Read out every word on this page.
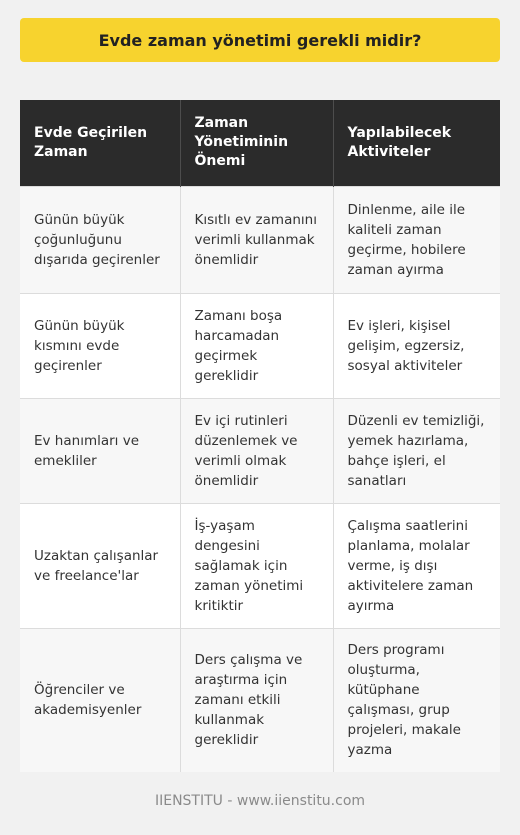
Evde zaman yönetimi gerekli midir?
Evde Geçirilen Zaman	Zaman Yönetiminin Önemi	Yapılabilecek Aktiviteler
Günün büyük çoğunluğunu dışarıda geçirenler	Kısıtlı ev zamanını verimli kullanmak önemlidir	Dinlenme, aile ile kaliteli zaman geçirme, hobilere zaman ayırma
Günün büyük kısmını evde geçirenler	Zamanı boşa harcamadan geçirmek gereklidir	Ev işleri, kişisel gelişim, egzersiz, sosyal aktiviteler
Ev hanımları ve emekliler	Ev içi rutinleri düzenlemek ve verimli olmak önemlidir	Düzenli ev temizliği, yemek hazırlama, bahçe işleri, el sanatları
Uzaktan çalışanlar ve freelance'lar	İş-yaşam dengesini sağlamak için zaman yönetimi kritiktir	Çalışma saatlerini planlama, molalar verme, iş dışı aktivitelere zaman ayırma
Öğrenciler ve akademisyenler	Ders çalışma ve araştırma için zamanı etkili kullanmak gereklidir	Ders programı oluşturma, kütüphane çalışması, grup projeleri, makale yazma
IIENSTITU - www.iienstitu.com
